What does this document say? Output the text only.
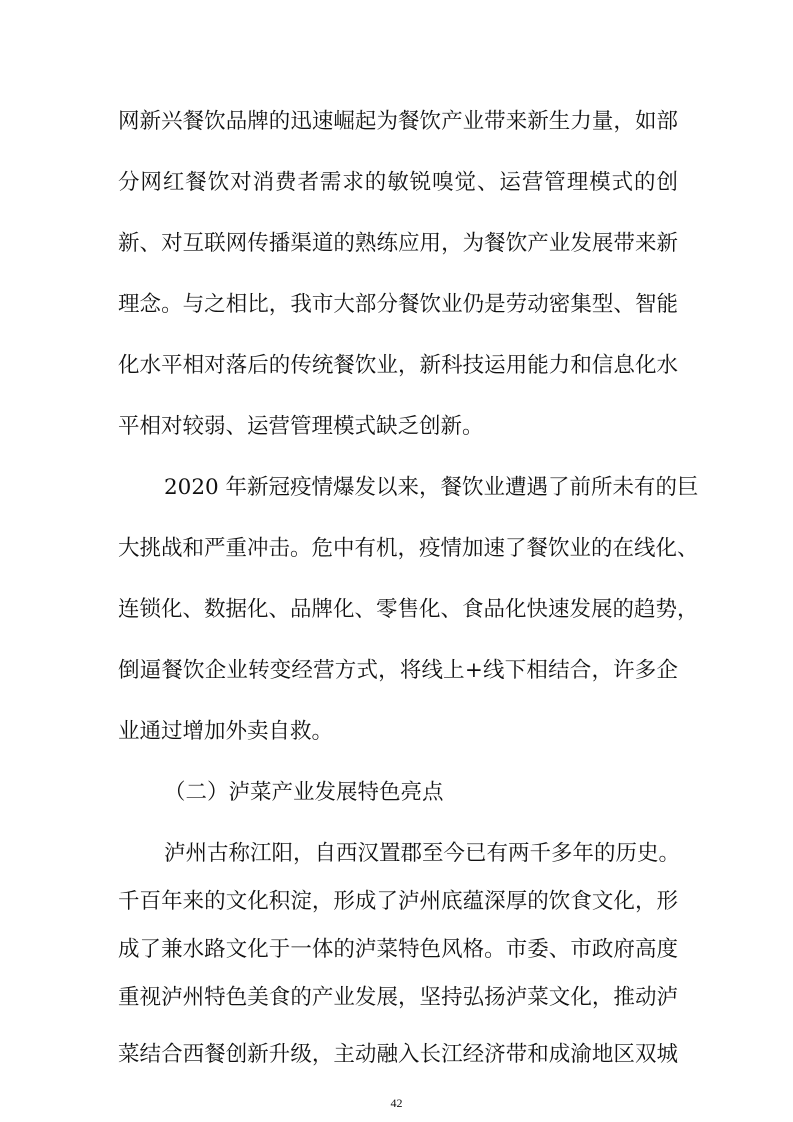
网新兴餐饮品牌的迅速崛起为餐饮产业带来新生力量，如部
分网红餐饮对消费者需求的敏锐嗅觉、运营管理模式的创
新、对互联网传播渠道的熟练应用，为餐饮产业发展带来新
理念。与之相比，我市大部分餐饮业仍是劳动密集型、智能
化水平相对落后的传统餐饮业，新科技运用能力和信息化水
平相对较弱、运营管理模式缺乏创新。
2020 年新冠疫情爆发以来，餐饮业遭遇了前所未有的巨
大挑战和严重冲击。危中有机，疫情加速了餐饮业的在线化、
连锁化、数据化、品牌化、零售化、食品化快速发展的趋势，
倒逼餐饮企业转变经营方式，将线上+线下相结合，许多企
业通过增加外卖自救。
（二）泸菜产业发展特色亮点
泸州古称江阳，自西汉置郡至今已有两千多年的历史。
千百年来的文化积淀，形成了泸州底蕴深厚的饮食文化，形
成了兼水路文化于一体的泸菜特色风格。市委、市政府高度
重视泸州特色美食的产业发展，坚持弘扬泸菜文化，推动泸
菜结合西餐创新升级，主动融入长江经济带和成渝地区双城
42
